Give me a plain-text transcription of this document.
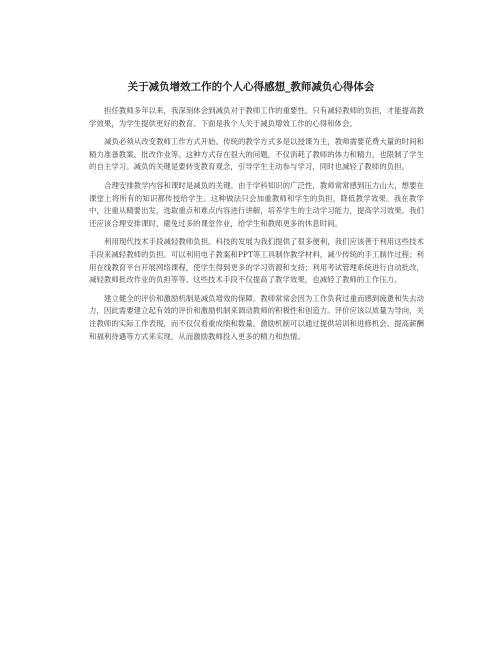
关于减负增效工作的个人心得感想_教师减负心得体会

担任教师多年以来，我深刻体会到减负对于教师工作的重要性。只有减轻教师的负担，才能提高教学效果，为学生提供更好的教育。下面是我个人关于减负增效工作的心得和体会。

减负必须从改变教师工作方式开始。传统的教学方式多是以授课为主，教师需要花费大量的时间和精力准备教案、批改作业等。这种方式存在很大的问题，不仅消耗了教师的体力和精力，也限制了学生的自主学习。减负的关键是要转变教育观念，引导学生主动参与学习，同时也减轻了教师的负担。

合理安排教学内容和课时是减负的关键。由于学科知识的广泛性，教师常常感到压力山大，想要在课堂上将所有的知识都传授给学生。这种做法只会加重教师和学生的负担，降低教学效果。我在教学中，注重从精要出发，选取重点和难点内容进行讲解，培养学生的主动学习能力，提高学习效果。我们还应该合理安排课时，避免过多的课堂作业，给学生和教师更多的休息时间。

利用现代技术手段减轻教师负担。科技的发展为我们提供了很多便利，我们应该善于利用这些技术手段来减轻教师的负担。可以利用电子教案和PPT等工具制作教学材料，减少传统的手工制作过程；利用在线教育平台开展网络课程，使学生得到更多的学习资源和支持；利用考试管理系统进行自动批改，减轻教师批改作业的负担等等。这些技术手段不仅提高了教学效果，也减轻了教师的工作压力。

建立健全的评价和激励机制是减负增效的保障。教师常常会因为工作负荷过重而感到疲惫和失去动力，因此需要建立起有效的评价和激励机制来调动教师的积极性和创造力。评价应该以质量为导向，关注教师的实际工作表现，而不仅仅看重成绩和数量。激励机制可以通过提供培训和进修机会、提高薪酬和福利待遇等方式来实现，从而激励教师投入更多的精力和热情。
